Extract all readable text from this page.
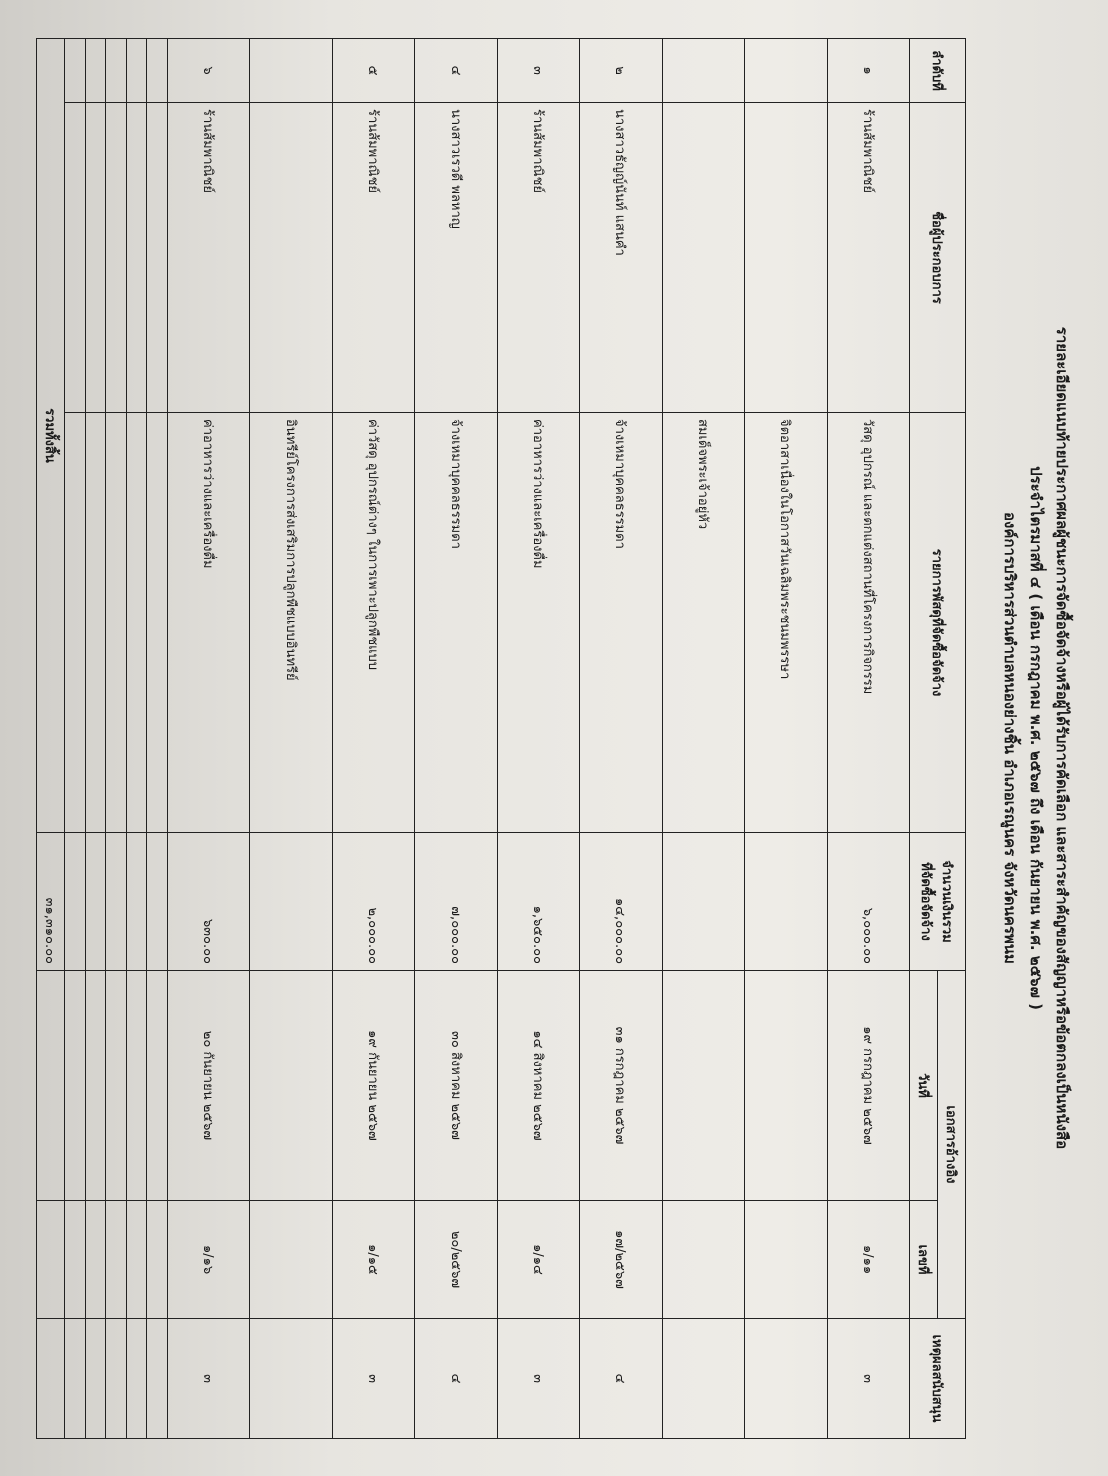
รายละเอียดแนบท้ายประกาศผลผู้ชนะการจัดซื้อจัดจ้างหรือผู้ได้รับการคัดเลือก และสาระสำคัญของสัญญาหรือข้อตกลงเป็นหนังสือ
ประจำไตรมาสที่ ๔ ( เดือน กรกฎาคม พ.ศ. ๒๕๖๗ ถึง เดือน กันยายน พ.ศ. ๒๕๖๗ )
องค์การบริหารส่วนตำบลหนองย่างชิ้น อำเภอเรณูนคร จังหวัดนครพนม
ลำดับที่	ชื่อผู้ประกอบการ	รายการพัสดุที่จัดซื้อจัดจ้าง	จำนวนเงินรวม
ที่จัดซื้อจัดจ้าง	เอกสารอ้างอิง		เหตุผลสนับสนุน
				วันที่	เลขที่	
๑	ร้านส้มพาณิชย์	วัสดุ อุปกรณ์ และตกแต่งสถานที่โครงการกิจกรรม	๖,๐๐๐.๐๐	๑๙ กรกฎาคม ๒๕๖๗	๑/๑๑	๓
		จิตอาสาเนื่องในโอกาสวันเฉลิมพระชนมพรรษา				
		สมเด็จพระเจ้าอยู่หัว				
๒	นางสาวธัญญ์นันท์ แสนคำ	จ้างเหมาบุคคลธรรมดา	๑๔,๐๐๐.๐๐	๓๑ กรกฎาคม ๒๕๖๗	๑๗/๒๕๖๗	๔
๓	ร้านส้มพาณิชย์	ค่าอาหารว่างและเครื่องดื่ม	๑,๖๕๐.๐๐	๑๔ สิงหาคม ๒๕๖๗	๑/๑๔	๓
๔	นางสาวเรวดี พลหาญ	จ้างเหมาบุคคลธรรมดา	๗,๐๐๐.๐๐	๓๐ สิงหาคม ๒๕๖๗	๒๐/๒๕๖๗	๔
๕	ร้านส้มพาณิชย์	ค่าวัสดุ อุปกรณ์ต่างๆ ในการเพาะปลูกพืชแบบ	๒,๐๐๐.๐๐	๑๙ กันยายน ๒๕๖๗	๑/๑๕	๓
		อินทรีย์โครงการส่งเสริมการปลูกพืชแบบอินทรีย์				
๖	ร้านส้มพาณิชย์	ค่าอาหารว่างและเครื่องดื่ม	๖๓๐.๐๐	๒๐ กันยายน ๒๕๖๗	๑/๑๖	๓

รวมทั้งสิ้น			๓๑,๓๑๐.๐๐			
